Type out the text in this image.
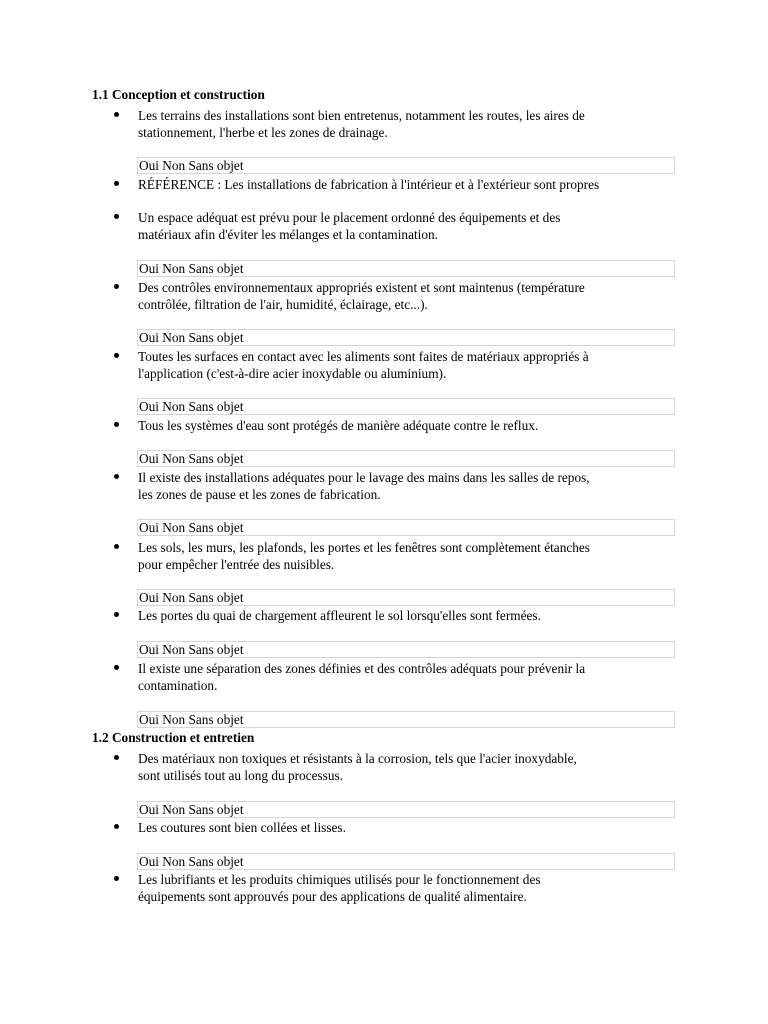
1.1 Conception et construction
Les terrains des installations sont bien entretenus, notamment les routes, les aires de
stationnement, l'herbe et les zones de drainage.
Oui Non Sans objet
RÉFÉRENCE : Les installations de fabrication à l'intérieur et à l'extérieur sont propres
Un espace adéquat est prévu pour le placement ordonné des équipements et des
matériaux afin d'éviter les mélanges et la contamination.
Oui Non Sans objet
Des contrôles environnementaux appropriés existent et sont maintenus (température
contrôlée, filtration de l'air, humidité, éclairage, etc...).
Oui Non Sans objet
Toutes les surfaces en contact avec les aliments sont faites de matériaux appropriés à
l'application (c'est-à-dire acier inoxydable ou aluminium).
Oui Non Sans objet
Tous les systèmes d'eau sont protégés de manière adéquate contre le reflux.
Oui Non Sans objet
Il existe des installations adéquates pour le lavage des mains dans les salles de repos,
les zones de pause et les zones de fabrication.
Oui Non Sans objet
Les sols, les murs, les plafonds, les portes et les fenêtres sont complètement étanches
pour empêcher l'entrée des nuisibles.
Oui Non Sans objet
Les portes du quai de chargement affleurent le sol lorsqu'elles sont fermées.
Oui Non Sans objet
Il existe une séparation des zones définies et des contrôles adéquats pour prévenir la
contamination.
Oui Non Sans objet
1.2 Construction et entretien
Des matériaux non toxiques et résistants à la corrosion, tels que l'acier inoxydable,
sont utilisés tout au long du processus.
Oui Non Sans objet
Les coutures sont bien collées et lisses.
Oui Non Sans objet
Les lubrifiants et les produits chimiques utilisés pour le fonctionnement des
équipements sont approuvés pour des applications de qualité alimentaire.
